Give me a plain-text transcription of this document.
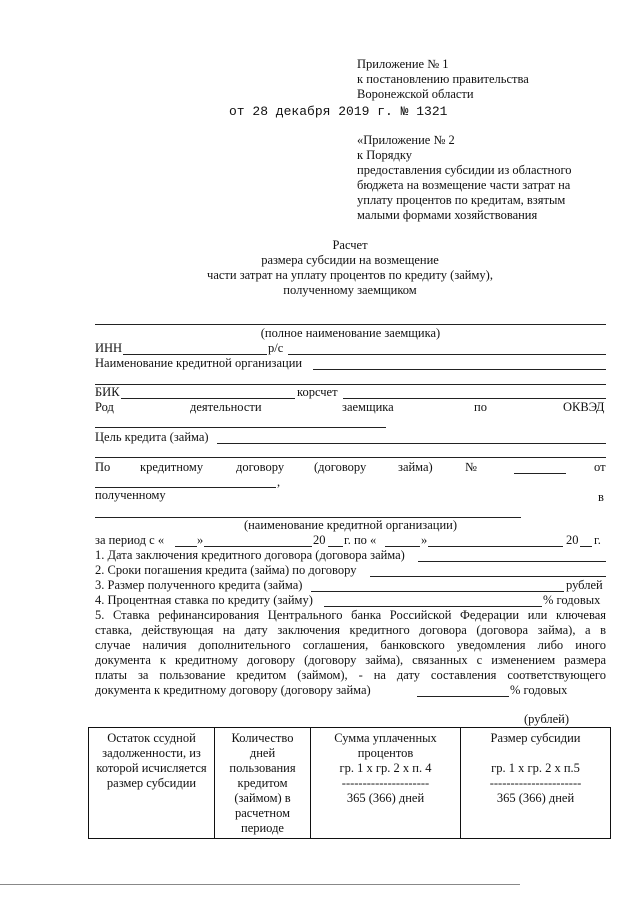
Приложение № 1
к постановлению правительства
Воронежской области
от 28 декабря 2019 г. № 1321
«Приложение № 2
к Порядку
предоставления субсидии из областного
бюджета на возмещение части затрат на
уплату процентов по кредитам, взятым
малыми формами хозяйствования
Расчет
размера субсидии на возмещение
части затрат на уплату процентов по кредиту (займу),
полученному заемщиком
(полное наименование заемщика)
ИНН	р/с
Наименование кредитной организации
БИК	корсчет
Род	деятельности	заемщика	по	ОКВЭД
Цель кредита (займа)
По кредитному	договору (договору	займа)	№	от
,
полученному	в
(наименование кредитной организации)
за период с «	»	20 г. по «	»	20 г.
1. Дата заключения кредитного договора (договора займа)
2. Сроки погашения кредита (займа) по договору
3. Размер полученного кредита (займа)	рублей
4. Процентная ставка по кредиту (займу)	% годовых
5. Ставка рефинансирования Центрального банка Российской Федерации или ключевая
ставка, действующая на дату заключения кредитного договора (договора займа), а в
случае наличия дополнительного соглашения, банковского уведомления либо иного
документа к кредитному договору (договору займа), связанных с изменением размера
платы за пользование кредитом (займом), - на дату составления соответствующего
документа к кредитному договору (договору займа)	% годовых
(рублей)
Остаток ссудной
задолженности, из
которой исчисляется
размер субсидии

Количество
дней
пользования
кредитом
(займом) в
расчетном
периоде

Сумма уплаченных
процентов
гр. 1 x гр. 2 x п. 4
---------------------
365 (366) дней

Размер субсидии
гр. 1 x гр. 2 x п.5
----------------------
365 (366) дней
